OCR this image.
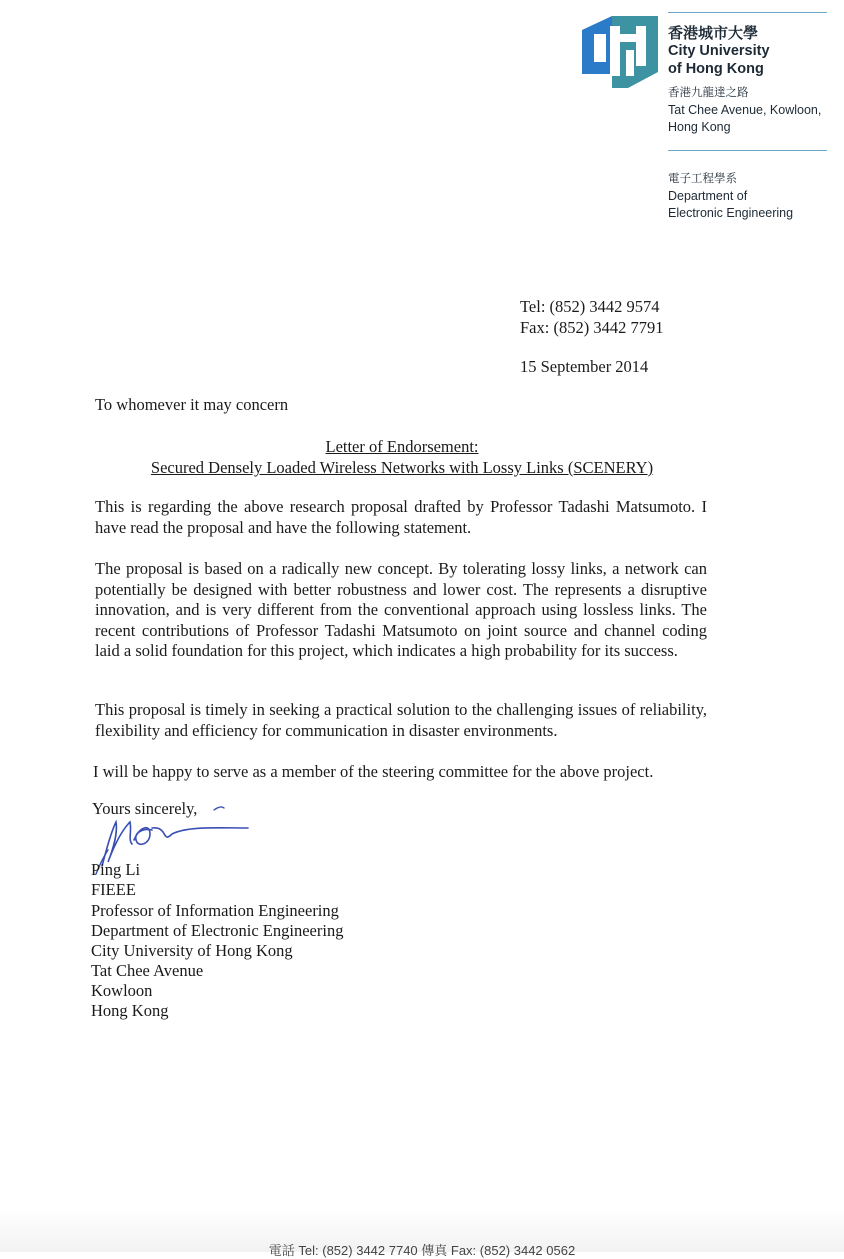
香港城市大學
City University
of Hong Kong
香港九龍達之路
Tat Chee Avenue, Kowloon,
Hong Kong
電子工程學系
Department of
Electronic Engineering
Tel: (852) 3442 9574
Fax: (852) 3442 7791
15 September 2014
To whomever it may concern
Letter of Endorsement:
Secured Densely Loaded Wireless Networks with Lossy Links (SCENERY)
This is regarding the above research proposal drafted by Professor Tadashi Matsumoto. I have read the proposal and have the following statement.
The proposal is based on a radically new concept. By tolerating lossy links, a network can potentially be designed with better robustness and lower cost. The represents a disruptive innovation, and is very different from the conventional approach using lossless links. The recent contributions of Professor Tadashi Matsumoto on joint source and channel coding laid a solid foundation for this project, which indicates a high probability for its success.
This proposal is timely in seeking a practical solution to the challenging issues of reliability, flexibility and efficiency for communication in disaster environments.
I will be happy to serve as a member of the steering committee for the above project.
Yours sincerely,
Ping Li
FIEEE
Professor of Information Engineering
Department of Electronic Engineering
City University of Hong Kong
Tat Chee Avenue
Kowloon
Hong Kong
電話 Tel: (852) 3442 7740 傳真 Fax: (852) 3442 0562
